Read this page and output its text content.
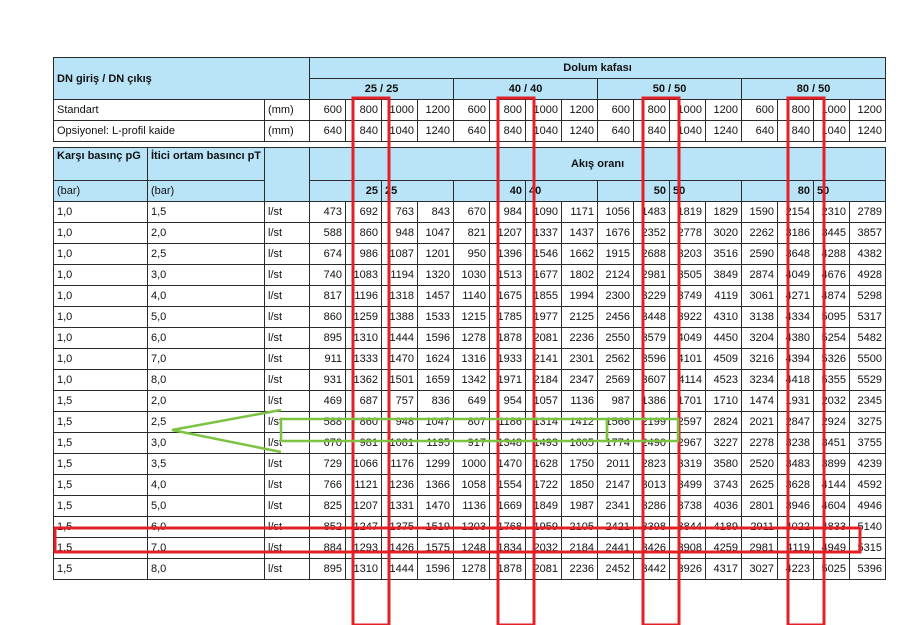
DN giriş / DN çıkış			Dolum kafası															
			25 / 25				40 / 40				50 / 50				80 / 50			
Standart		(mm)	600	800	1000	1200	600	800	1000	1200	600	800	1000	1200	600	800	1000	1200
Opsiyonel: L-profil kaide		(mm)	640	840	1040	1240	640	840	1040	1240	640	840	1040	1240	640	840	1040	1240

Karşı basınç pG	İtici ortam basıncı pT		Akış oranı															

(bar)	(bar)		25		25		40		40		50		50		80		50	
1,0	1,5	l/st	473	692	763	843	670	984	1090	1171	1056	1483	1819	1829	1590	2154	2310	2789
1,0	2,0	l/st	588	860	948	1047	821	1207	1337	1437	1676	2352	2778	3020	2262	3186	3445	3857
1,0	2,5	l/st	674	986	1087	1201	950	1396	1546	1662	1915	2688	3203	3516	2590	3648	4288	4382
1,0	3,0	l/st	740	1083	1194	1320	1030	1513	1677	1802	2124	2981	3505	3849	2874	4049	4676	4928
1,0	4,0	l/st	817	1196	1318	1457	1140	1675	1855	1994	2300	3229	3749	4119	3061	4271	4874	5298
1,0	5,0	l/st	860	1259	1388	1533	1215	1785	1977	2125	2456	3448	3922	4310	3138	4334	5095	5317
1,0	6,0	l/st	895	1310	1444	1596	1278	1878	2081	2236	2550	3579	4049	4450	3204	4380	5254	5482
1,0	7,0	l/st	911	1333	1470	1624	1316	1933	2141	2301	2562	3596	4101	4509	3216	4394	5326	5500
1,0	8,0	l/st	931	1362	1501	1659	1342	1971	2184	2347	2569	3607	4114	4523	3234	4418	5355	5529
1,5	2,0	l/st	469	687	757	836	649	954	1057	1136	987	1386	1701	1710	1474	1931	2032	2345
1,5	2,5	l/st	588	860	948	1047	807	1186	1314	1412	1566	2199	2597	2824	2021	2847	2924	3275
1,5	3,0	l/st	670	981	1081	1195	917	1348	1493	1605	1774	2490	2967	3227	2278	3238	3451	3755
1,5	3,5	l/st	729	1066	1176	1299	1000	1470	1628	1750	2011	2823	3319	3580	2520	3483	3899	4239
1,5	4,0	l/st	766	1121	1236	1366	1058	1554	1722	1850	2147	3013	3499	3743	2625	3628	4144	4592
1,5	5,0	l/st	825	1207	1331	1470	1136	1669	1849	1987	2341	3286	3738	4036	2801	3946	4604	4946
1,5	6,0	l/st	852	1247	1375	1519	1203	1768	1959	2105	2421	3398	3844	4189	2911	4022	4833	5140
1,5	7,0	l/st	884	1293	1426	1575	1248	1834	2032	2184	2441	3426	3908	4259	2981	4119	4949	5315
1,5	8,0	l/st	895	1310	1444	1596	1278	1878	2081	2236	2452	3442	3926	4317	3027	4223	5025	5396
